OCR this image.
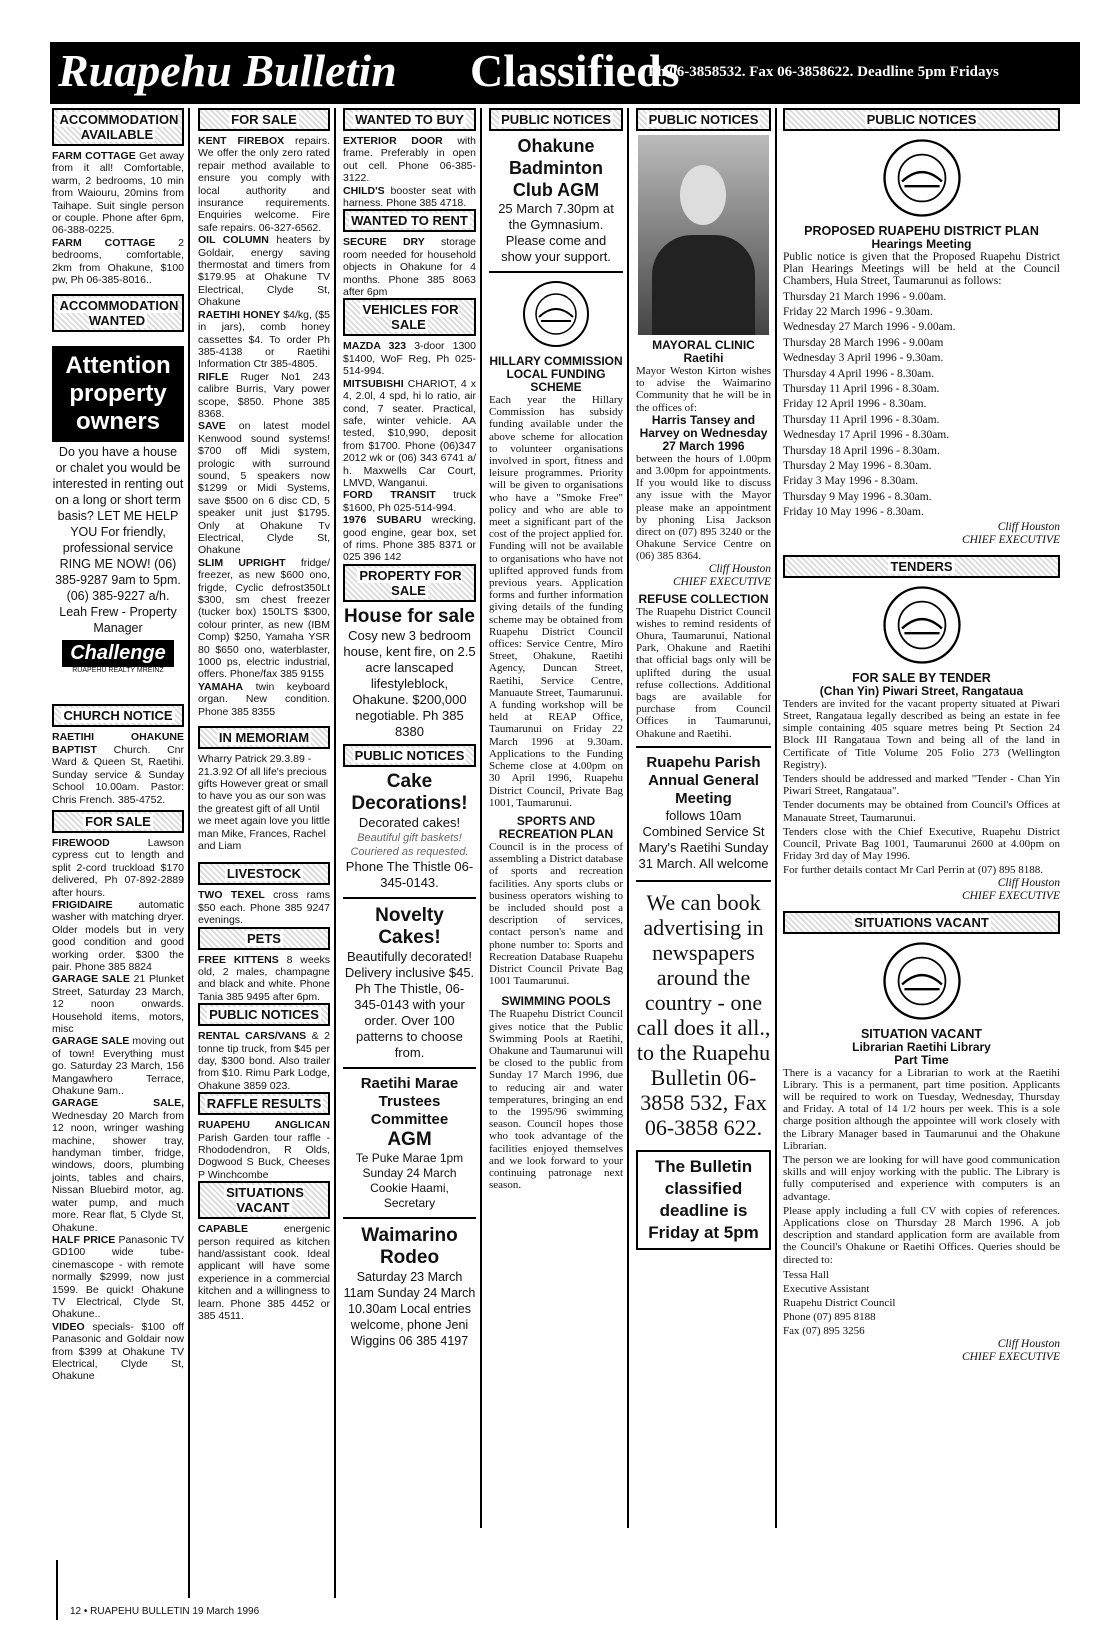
Ruapehu Bulletin Classifieds
Ph 06-3858532. Fax 06-3858622. Deadline 5pm Fridays
ACCOMMODATION AVAILABLE
FARM COTTAGE Get away from it all! Comfortable, warm, 2 bedrooms, 10 min from Waiouru, 20mins from Taihape. Suit single person or couple. Phone after 6pm, 06-388-0225.
FARM COTTAGE 2 bedrooms, comfortable, 2km from Ohakune, $100 pw, Ph 06-385-8016..
ACCOMMODATION WANTED
Attention property owners
Do you have a house or chalet you would be interested in renting out on a long or short term basis? LET ME HELP YOU For friendly, professional service RING ME NOW! (06) 385-9287 9am to 5pm. (06) 385-9227 a/h. Leah Frew - Property Manager
Challenge
RUAPEHU REALTY MREINZ
CHURCH NOTICE
RAETIHI OHAKUNE BAPTIST Church. Cnr Ward & Queen St, Raetihi. Sunday service & Sunday School 10.00am. Pastor: Chris French. 385-4752.
FOR SALE
FIREWOOD	Lawson cypress cut to length and split 2-cord truckload $170 delivered, Ph 07-892-2889 after hours.
FRIGIDAIRE automatic washer with matching dryer. Older models but in very good condition and good working order. $300 the pair. Phone 385 8824
GARAGE SALE 21 Plunket Street, Saturday 23 March, 12 noon onwards. Household items, motors, misc
GARAGE SALE moving out of town! Everything must go. Saturday 23 March, 156 Mangawhero Terrace, Ohakune 9am..
GARAGE SALE, Wednesday 20 March from 12 noon, wringer washing machine, shower tray, handyman timber, fridge, windows, doors, plumbing joints, tables and chairs, Nissan Bluebird motor, ag. water pump, and much more. Rear flat, 5 Clyde St, Ohakune.
HALF PRICE Panasonic TV GD100 wide tube-cinemascope - with remote normally $2999, now just 1599. Be quick! Ohakune TV Electrical, Clyde St, Ohakune..
VIDEO specials- $100 off Panasonic and Goldair now from $399 at Ohakune TV Electrical, Clyde St, Ohakune
FOR SALE
KENT FIREBOX repairs. We offer the only zero rated repair method available to ensure you comply with local authority and insurance requirements. Enquiries welcome. Fire safe repairs. 06-327-6562.
OIL COLUMN heaters by Goldair, energy saving thermostat and timers from $179.95 at Ohakune TV Electrical, Clyde St, Ohakune
RAETIHI HONEY $4/kg, ($5 in jars), comb honey cassettes $4. To order Ph 385-4138 or Raetihi Information Ctr 385-4805.
RIFLE Ruger No1 243 calibre Burris, Vary power scope, $850. Phone 385 8368.
SAVE on latest model Kenwood sound systems! $700 off Midi system, prologic with surround sound, 5 speakers now $1299 or Midi Systems, save $500 on 6 disc CD, 5 speaker unit just $1795. Only at Ohakune Tv Electrical, Clyde St, Ohakune
SLIM UPRIGHT fridge/ freezer, as new $600 ono, frigde, Cyclic defrost350Lt $300, sm chest freezer (tucker box) 150LTS $300, colour printer, as new (IBM Comp) $250, Yamaha YSR 80 $650 ono, waterblaster, 1000 ps, electric industrial, offers. Phone/fax 385 9155
YAMAHA twin keyboard organ. New condition. Phone 385 8355
IN MEMORIAM
Wharry Patrick 29.3.89 - 21.3.92 Of all life's precious gifts However great or small to have you as our son was the greatest gift of all Until we meet again love you little man Mike, Frances, Rachel and Liam
LIVESTOCK
TWO TEXEL cross rams $50 each. Phone 385 9247 evenings.
PETS
FREE KITTENS 8 weeks old, 2 males, champagne and black and white. Phone Tania 385 9495 after 6pm.
PUBLIC NOTICES
RENTAL CARS/VANS & 2 tonne tip truck, from $45 per day, $300 bond. Also trailer from $10. Rimu Park Lodge, Ohakune 3859 023.
RAFFLE RESULTS
RUAPEHU ANGLICAN Parish Garden tour raffle - Rhododendron, R Olds, Dogwood S Buck, Cheeses P Winchcombe
SITUATIONS VACANT
CAPABLE	energenic person required as kitchen hand/assistant cook. Ideal applicant will have some experience in a commercial kitchen and a willingness to learn. Phone 385 4452 or 385 4511.
WANTED TO BUY
EXTERIOR DOOR with frame. Preferably in open out cell. Phone 06-385-3122.
CHILD'S booster seat with harness. Phone 385 4718.
WANTED TO RENT
SECURE DRY storage room needed for household objects in Ohakune for 4 months. Phone 385 8063 after 6pm
VEHICLES FOR SALE
MAZDA 323 3-door 1300 $1400, WoF Reg, Ph 025-514-994.
MITSUBISHI CHARIOT, 4 x 4, 2.0l, 4 spd, hi lo ratio, air cond, 7 seater. Practical, safe, winter vehicle. AA tested, $10,990, deposit from $1700. Phone (06)347 2012 wk or (06) 343 6741 a/ h. Maxwells Car Court, LMVD, Wanganui.
FORD TRANSIT truck $1600, Ph 025-514-994.
1976 SUBARU wrecking, good engine, gear box, set of rims. Phone 385 8371 or 025 396 142
PROPERTY FOR SALE
House for sale
Cosy new 3 bedroom house, kent fire, on 2.5 acre lanscaped lifestyleblock, Ohakune. $200,000 negotiable. Ph 385 8380
PUBLIC NOTICES
Cake Decorations!
Decorated cakes!
Beautiful gift baskets! Couriered as requested.
Phone The Thistle 06-345-0143.
Novelty Cakes!
Beautifully decorated! Delivery inclusive $45. Ph The Thistle, 06-345-0143 with your order. Over 100 patterns to choose from.
Raetihi Marae Trustees Committee
AGM
Te Puke Marae 1pm Sunday 24 March Cookie Haami, Secretary
Waimarino Rodeo
Saturday 23 March 11am Sunday 24 March 10.30am Local entries welcome, phone Jeni Wiggins 06 385 4197
PUBLIC NOTICES
Ohakune Badminton Club AGM
25 March 7.30pm at the Gymnasium. Please come and show your support.
HILLARY COMMISSION LOCAL FUNDING SCHEME
Each year the Hillary Commission has subsidy funding available under the above scheme for allocation to volunteer organisations involved in sport, fitness and leisure programmes. Priority will be given to organisations who have a "Smoke Free" policy and who are able to meet a significant part of the cost of the project applied for. Funding will not be available to organisations who have not uplifted approved funds from previous years. Application forms and further information giving details of the funding scheme may be obtained from Ruapehu District Council offices: Service Centre, Miro Street, Ohakune, Raetihi Agency, Duncan Street, Raetihi, Service Centre, Manuaute Street, Taumarunui. A funding workshop will be held at REAP Office, Taumarunui on Friday 22 March 1996 at 9.30am. Applications to the Funding Scheme close at 4.00pm on 30 April 1996, Ruapehu District Council, Private Bag 1001, Taumarunui.
SPORTS AND RECREATION PLAN
Council is in the process of assembling a District database of sports and recreation facilities. Any sports clubs or business operators wishing to be included should post a description of services, contact person's name and phone number to: Sports and Recreation Database Ruapehu District Council Private Bag 1001 Taumarunui.
SWIMMING POOLS
The Ruapehu District Council gives notice that the Public Swimming Pools at Raetihi, Ohakune and Taumarunui will be closed to the public from Sunday 17 March 1996, due to reducing air and water temperatures, bringing an end to the 1995/96 swimming season. Council hopes those who took advantage of the facilities enjoyed themselves and we look forward to your continuing patronage next season.
PUBLIC NOTICES
MAYORAL CLINIC
Raetihi
Mayor Weston Kirton wishes to advise the Waimarino Community that he will be in the offices of:
Harris Tansey and Harvey on Wednesday 27 March 1996
between the hours of 1.00pm and 3.00pm for appointments. If you would like to discuss any issue with the Mayor please make an appointment by phoning Lisa Jackson direct on (07) 895 3240 or the Ohakune Service Centre on (06) 385 8364.
Cliff Houston
CHIEF EXECUTIVE
REFUSE COLLECTION
The Ruapehu District Council wishes to remind residents of Ohura, Taumarunui, National Park, Ohakune and Raetihi that official bags only will be uplifted during the usual refuse collections. Additional bags are available for purchase from Council Offices in Taumarunui, Ohakune and Raetihi.
Ruapehu Parish Annual General Meeting
follows 10am Combined Service St Mary's Raetihi Sunday 31 March. All welcome
We can book advertising in newspapers around the country - one call does it all., to the Ruapehu Bulletin 06-3858 532, Fax 06-3858 622.
The Bulletin classified deadline is Friday at 5pm
PUBLIC NOTICES
PROPOSED RUAPEHU DISTRICT PLAN
Hearings Meeting
Public notice is given that the Proposed Ruapehu District Plan Hearings Meetings will be held at the Council Chambers, Huia Street, Taumarunui as follows:
Thursday 21 March 1996 - 9.00am.
Friday 22 March 1996 - 9.30am.
Wednesday 27 March 1996 - 9.00am.
Thursday 28 March 1996 - 9.00am
Wednesday 3 April 1996 - 9.30am.
Thursday 4 April 1996 - 8.30am.
Thursday 11 April 1996 - 8.30am.
Friday 12 April 1996 - 8.30am.
Thursday 11 April 1996 - 8.30am.
Wednesday 17 April 1996 - 8.30am.
Thursday 18 April 1996 - 8.30am.
Thursday 2 May 1996 - 8.30am.
Friday 3 May 1996 - 8.30am.
Thursday 9 May 1996 - 8.30am.
Friday 10 May 1996 - 8.30am.
Cliff Houston
CHIEF EXECUTIVE
TENDERS
FOR SALE BY TENDER
(Chan Yin) Piwari Street, Rangataua
Tenders are invited for the vacant property situated at Piwari Street, Rangataua legally described as being an estate in fee simple containing 405 square metres being Pt Section 24 Block III Rangataua Town and being all of the land in Certificate of Title Volume 205 Folio 273 (Wellington Registry).
Tenders should be addressed and marked "Tender - Chan Yin Piwari Street, Rangataua".
Tender documents may be obtained from Council's Offices at Manauate Street, Taumarunui.
Tenders close with the Chief Executive, Ruapehu District Council, Private Bag 1001, Taumarunui 2600 at 4.00pm on Friday 3rd day of May 1996.
For further details contact Mr Carl Perrin at (07) 895 8188.
Cliff Houston
CHIEF EXECUTIVE
SITUATIONS VACANT
SITUATION VACANT
Librarian Raetihi Library
Part Time
There is a vacancy for a Librarian to work at the Raetihi Library. This is a permanent, part time position. Applicants will be required to work on Tuesday, Wednesday, Thursday and Friday. A total of 14 1/2 hours per week. This is a sole charge position although the appointee will work closely with the Library Manager based in Taumarunui and the Ohakune Librarian.
The person we are looking for will have good communication skills and will enjoy working with the public. The Library is fully computerised and experience with computers is an advantage.
Please apply including a full CV with copies of references. Applications close on Thursday 28 March 1996. A job description and standard application form are available from the Council's Ohakune or Raetihi Offices. Queries should be directed to:
Tessa Hall
Executive Assistant
Ruapehu District Council
Phone (07) 895 8188
Fax (07) 895 3256
Cliff Houston
CHIEF EXECUTIVE
12 • RUAPEHU BULLETIN 19 March 1996
